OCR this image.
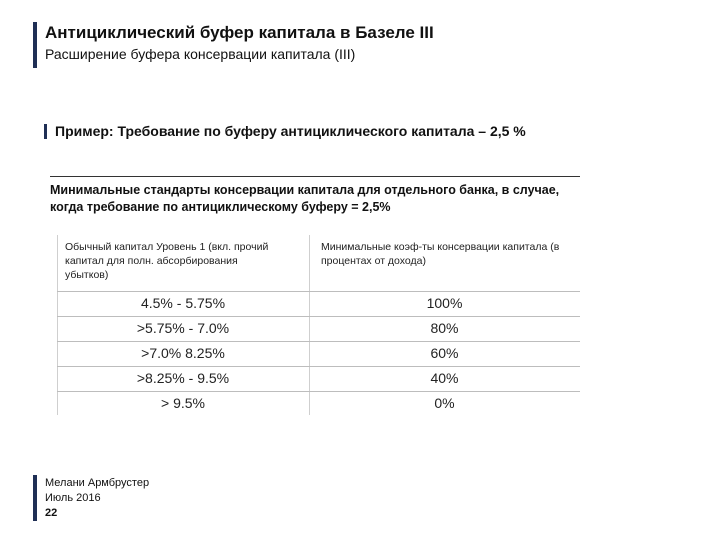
Антициклический буфер капитала в Базеле III
Расширение буфера консервации капитала (III)
Пример: Требование по буферу антициклического капитала – 2,5 %
Минимальные стандарты консервации капитала для отдельного банка, в случае, когда требование по антициклическому буферу = 2,5%
Обычный капитал Уровень 1 (вкл. прочий капитал для полн. абсорбирования убытков)
Минимальные коэф-ты консервации капитала (в процентах от дохода)
4.5% - 5.75%	100%
>5.75% - 7.0%	80%
>7.0% 8.25%	60%
>8.25% - 9.5%	40%
> 9.5%	0%
Мелани Армбрустер
Июль 2016
22
